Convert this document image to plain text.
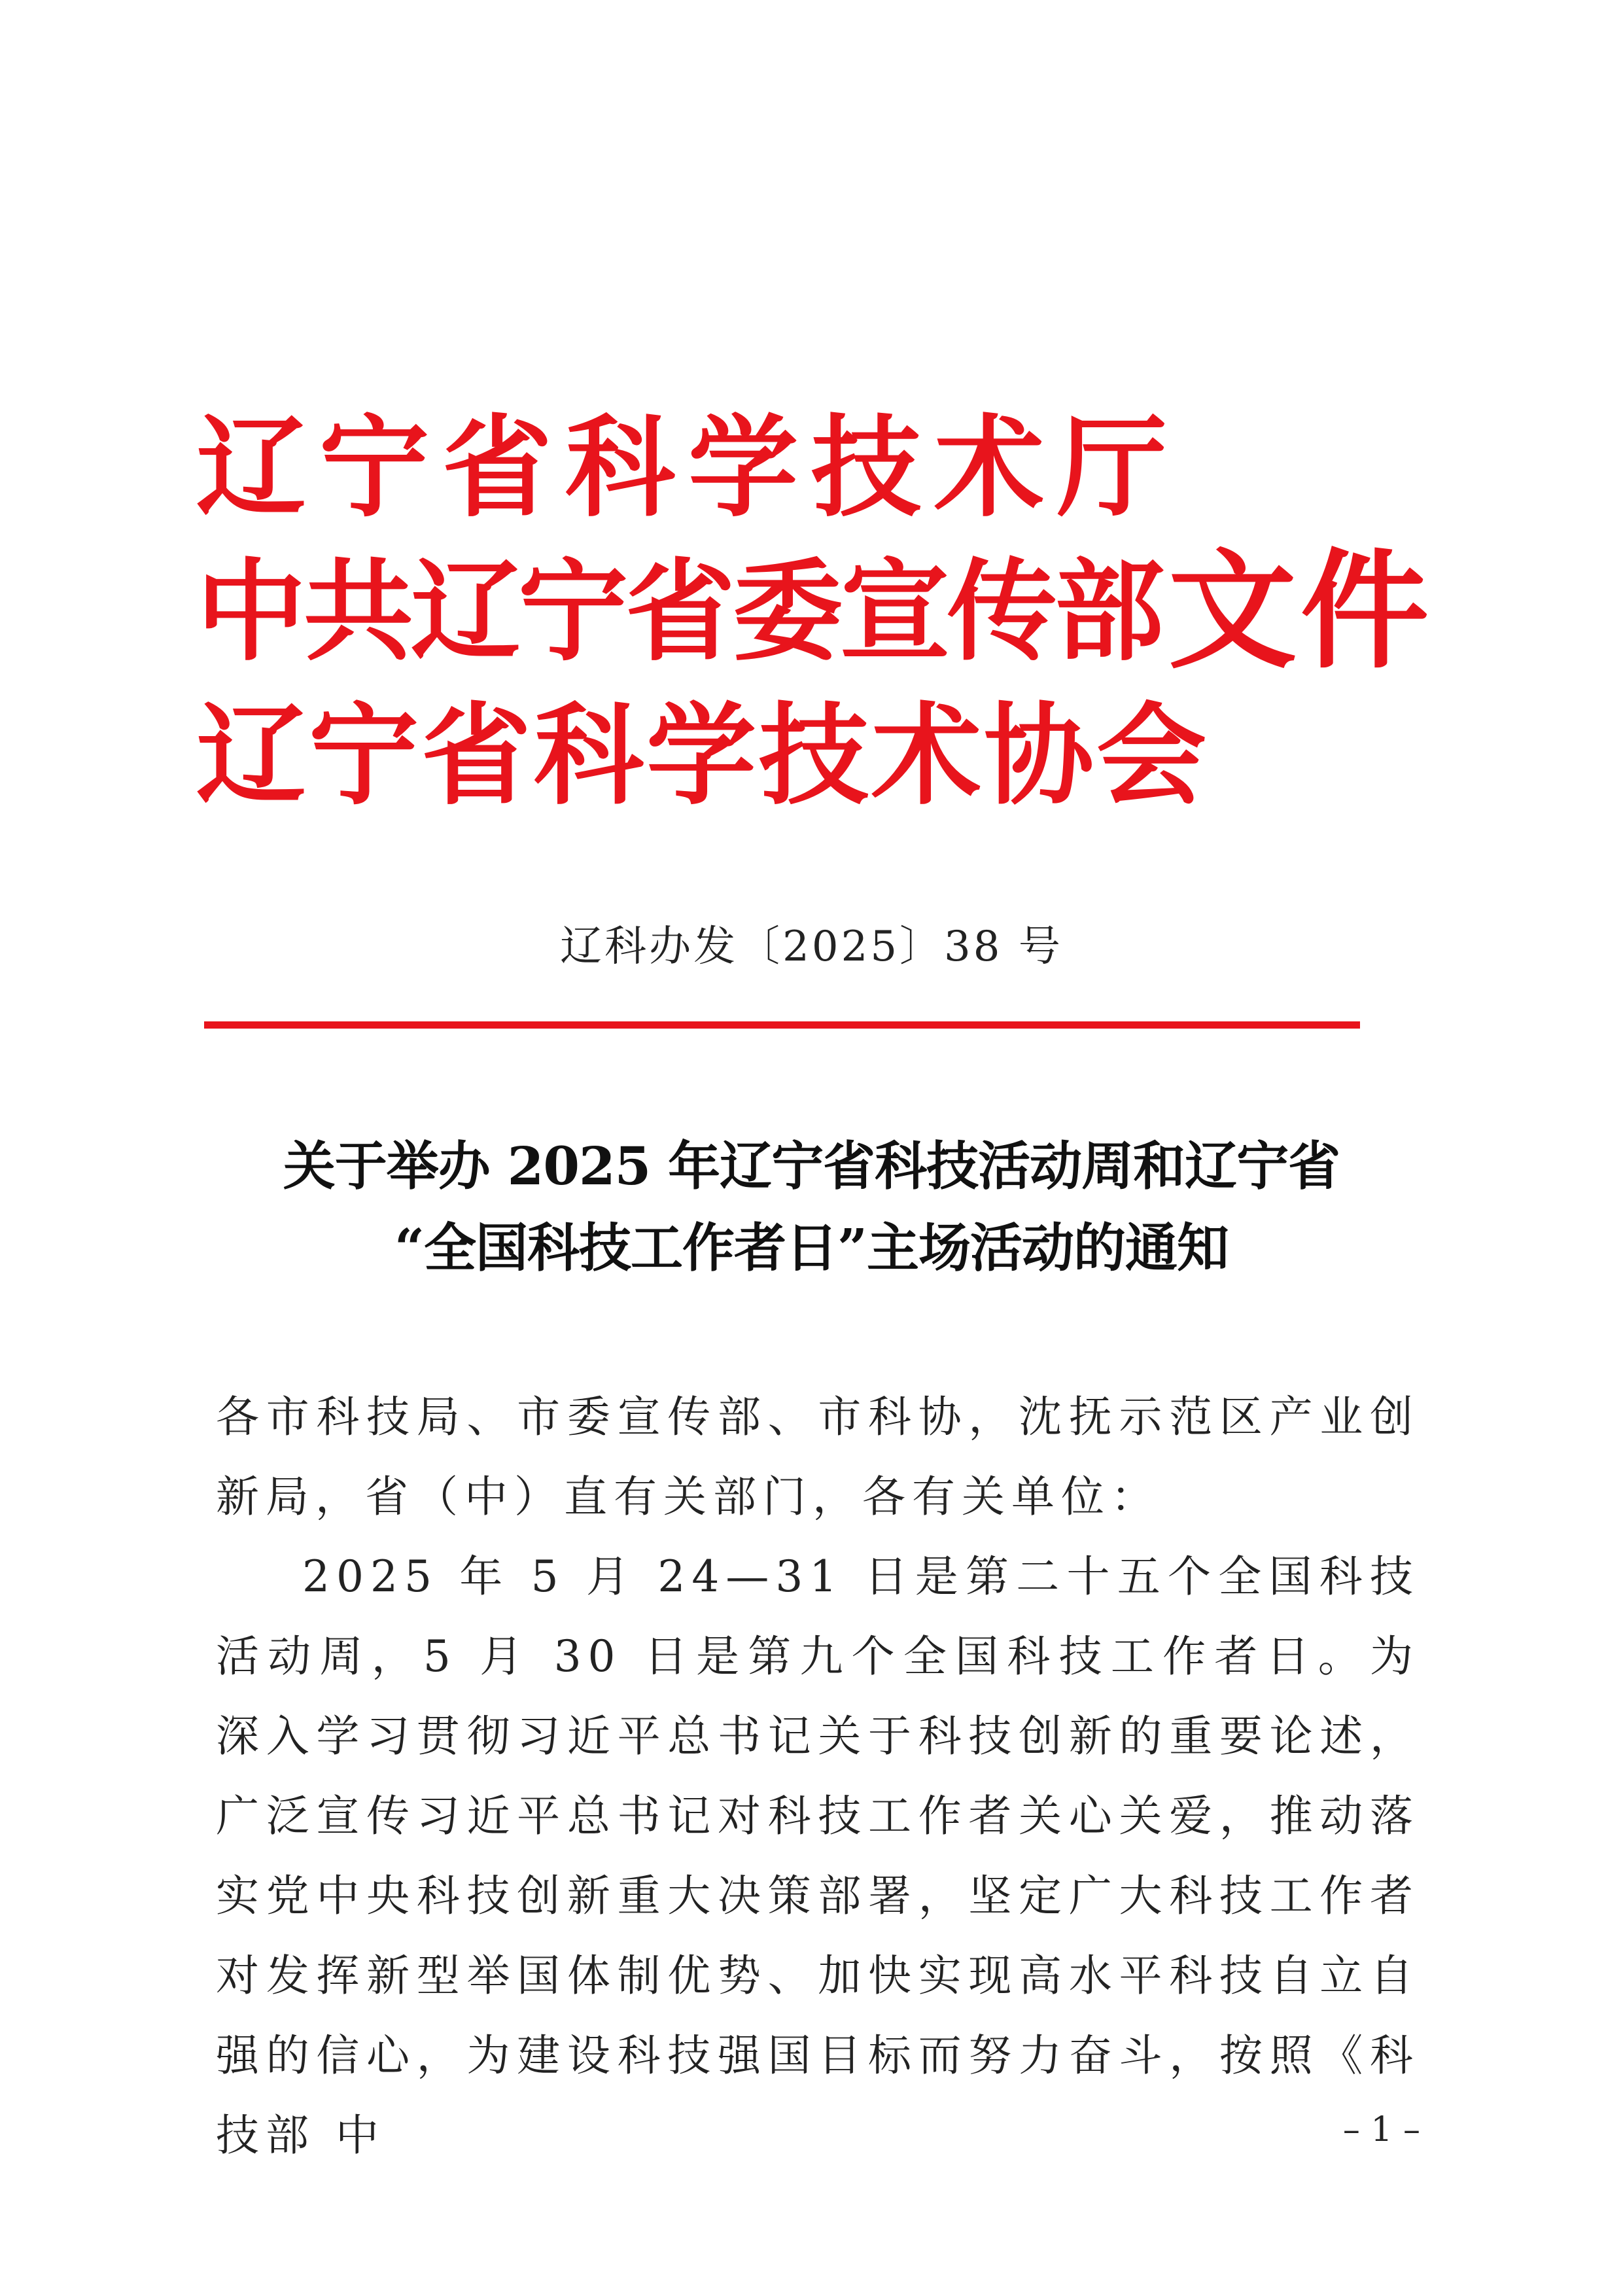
辽宁省科学技术厅
中共辽宁省委宣传部 文件
辽宁省科学技术协会
辽科办发〔2025〕38 号
关于举办 2025 年辽宁省科技活动周和辽宁省
“全国科技工作者日”主场活动的通知

各市科技局、市委宣传部、市科协，沈抚示范区产业创新局，省（中）直有关部门，各有关单位：

2025 年 5 月 24—31 日是第二十五个全国科技活动周，5 月 30 日是第九个全国科技工作者日。为深入学习贯彻习近平总书记关于科技创新的重要论述，广泛宣传习近平总书记对科技工作者关心关爱，推动落实党中央科技创新重大决策部署，坚定广大科技工作者对发挥新型举国体制优势、加快实现高水平科技自立自强的信心，为建设科技强国目标而努力奋斗，按照《科技部 中	– 1 –
